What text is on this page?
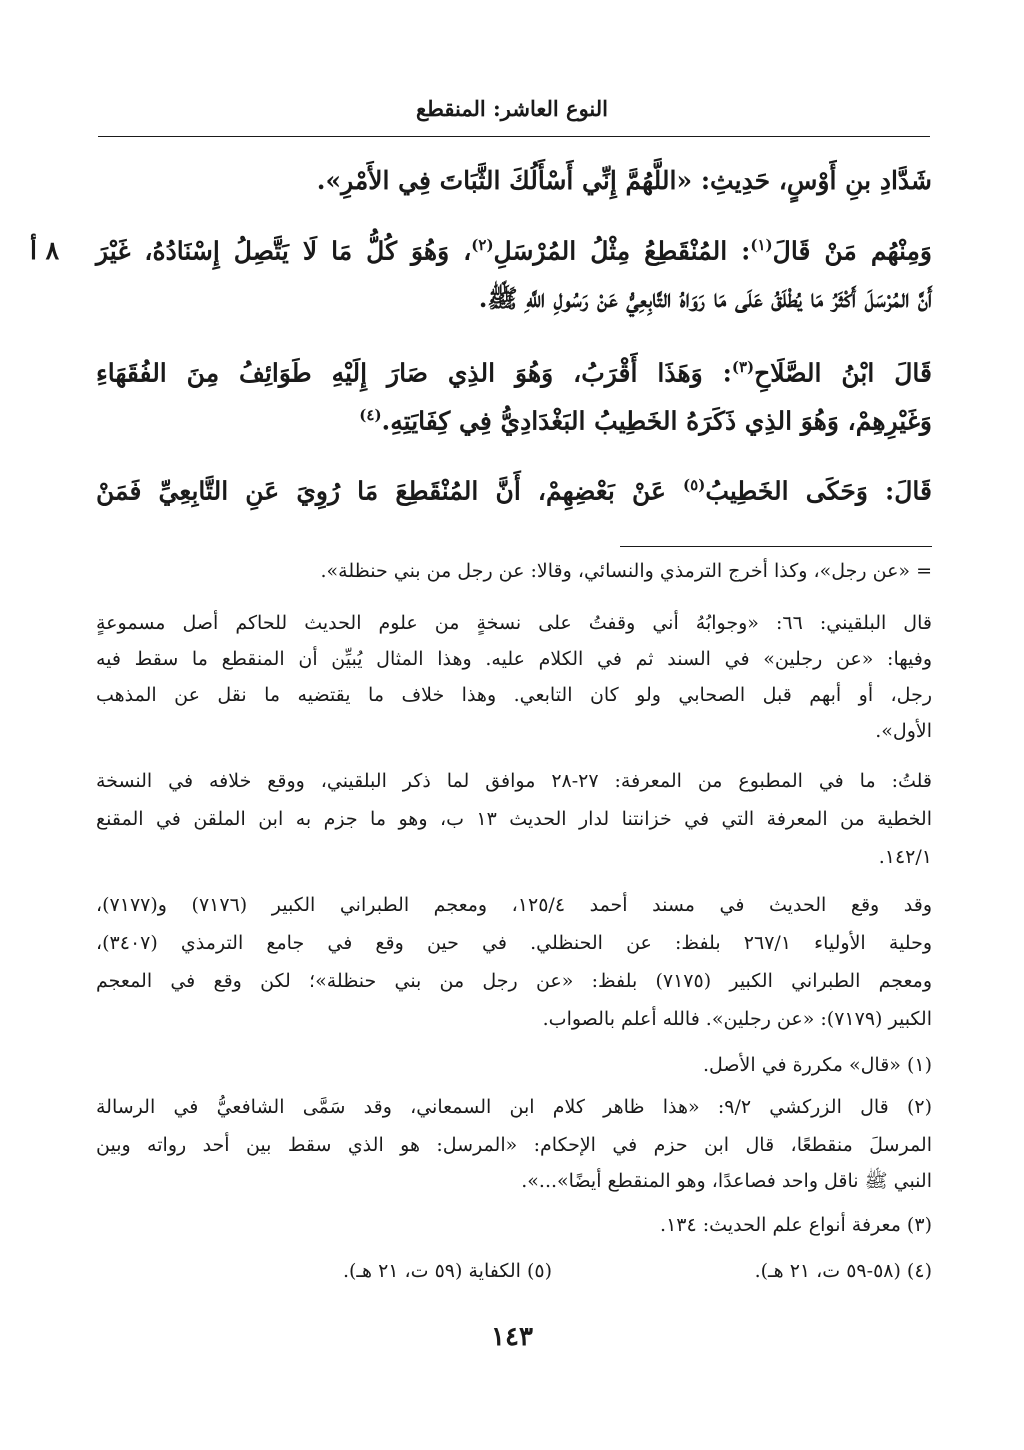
النوع العاشر: المنقطع
٨ أ
شَدَّادِ بنِ أَوْسٍ، حَدِيثِ: «اللَّهُمَّ إِنِّي أَسْأَلُكَ الثَّبَاتَ فِي الأَمْرِ».
وَمِنْهُم مَنْ قَالَ$^{(١)}$: المُنْقَطِعُ مِثْلُ المُرْسَلِ$^{(٢)}$، وَهُوَ كُلُّ مَا لَا يَتَّصِلُ إِسْنَادُهُ، غَيْرَ
أَنَّ المُرْسَلَ أَكْثَرُ مَا يُطْلَقُ عَلَى مَا رَوَاهُ التَّابِعِيُّ عَنْ رَسُولِ اللَّهِ ﷺ.
قَالَ ابْنُ الصَّلَاحِ$^{(٣)}$: وَهَذَا أَقْرَبُ، وَهُوَ الذِي صَارَ إِلَيْهِ طَوَائِفُ مِنَ الفُقَهَاءِ
وَغَيْرِهِمْ، وَهُوَ الذِي ذَكَرَهُ الخَطِيبُ البَغْدَادِيُّ فِي كِفَايَتِهِ.$^{(٤)}$
قَالَ: وَحَكَى الخَطِيبُ$^{(٥)}$ عَنْ بَعْضِهِمْ، أَنَّ المُنْقَطِعَ مَا رُوِيَ عَنِ التَّابِعِيِّ فَمَنْ
= «عن رجل»، وكذا أخرج الترمذي والنسائي، وقالا: عن رجل من بني حنظلة».
قال البلقيني: ٦٦: «وجوابُهُ أني وقفتُ على نسخةٍ من علوم الحديث للحاكم أصل مسموعةٍ
وفيها: «عن رجلين» في السند ثم في الكلام عليه. وهذا المثال يُبيِّن أن المنقطع ما سقط فيه
رجل، أو أبهم قبل الصحابي ولو كان التابعي. وهذا خلاف ما يقتضيه ما نقل عن المذهب
الأول».
قلتُ: ما في المطبوع من المعرفة: ٢٧-٢٨ موافق لما ذكر البلقيني، ووقع خلافه في النسخة
الخطية من المعرفة التي في خزانتنا لدار الحديث ١٣ ب، وهو ما جزم به ابن الملقن في المقنع
١٤٢/١.
وقد وقع الحديث في مسند أحمد ١٢٥/٤، ومعجم الطبراني الكبير (٧١٧٦) و(٧١٧٧)،
وحلية الأولياء ٢٦٧/١ بلفظ: عن الحنظلي. في حين وقع في جامع الترمذي (٣٤٠٧)،
ومعجم الطبراني الكبير (٧١٧٥) بلفظ: «عن رجل من بني حنظلة»؛ لكن وقع في المعجم
الكبير (٧١٧٩): «عن رجلين». فالله أعلم بالصواب.
(١) «قال» مكررة في الأصل.
(٢) قال الزركشي ٩/٢: «هذا ظاهر كلام ابن السمعاني، وقد سَمَّى الشافعيُّ في الرسالة
المرسلَ منقطعًا، قال ابن حزم في الإحكام: «المرسل: هو الذي سقط بين أحد رواته وبين
النبي ﷺ ناقل واحد فصاعدًا، وهو المنقطع أيضًا»...».
(٣) معرفة أنواع علم الحديث: ١٣٤.
(٤) (٥٨-٥٩ ت، ٢١ هـ).
(٥) الكفاية (٥٩ ت، ٢١ هـ).
١٤٣
